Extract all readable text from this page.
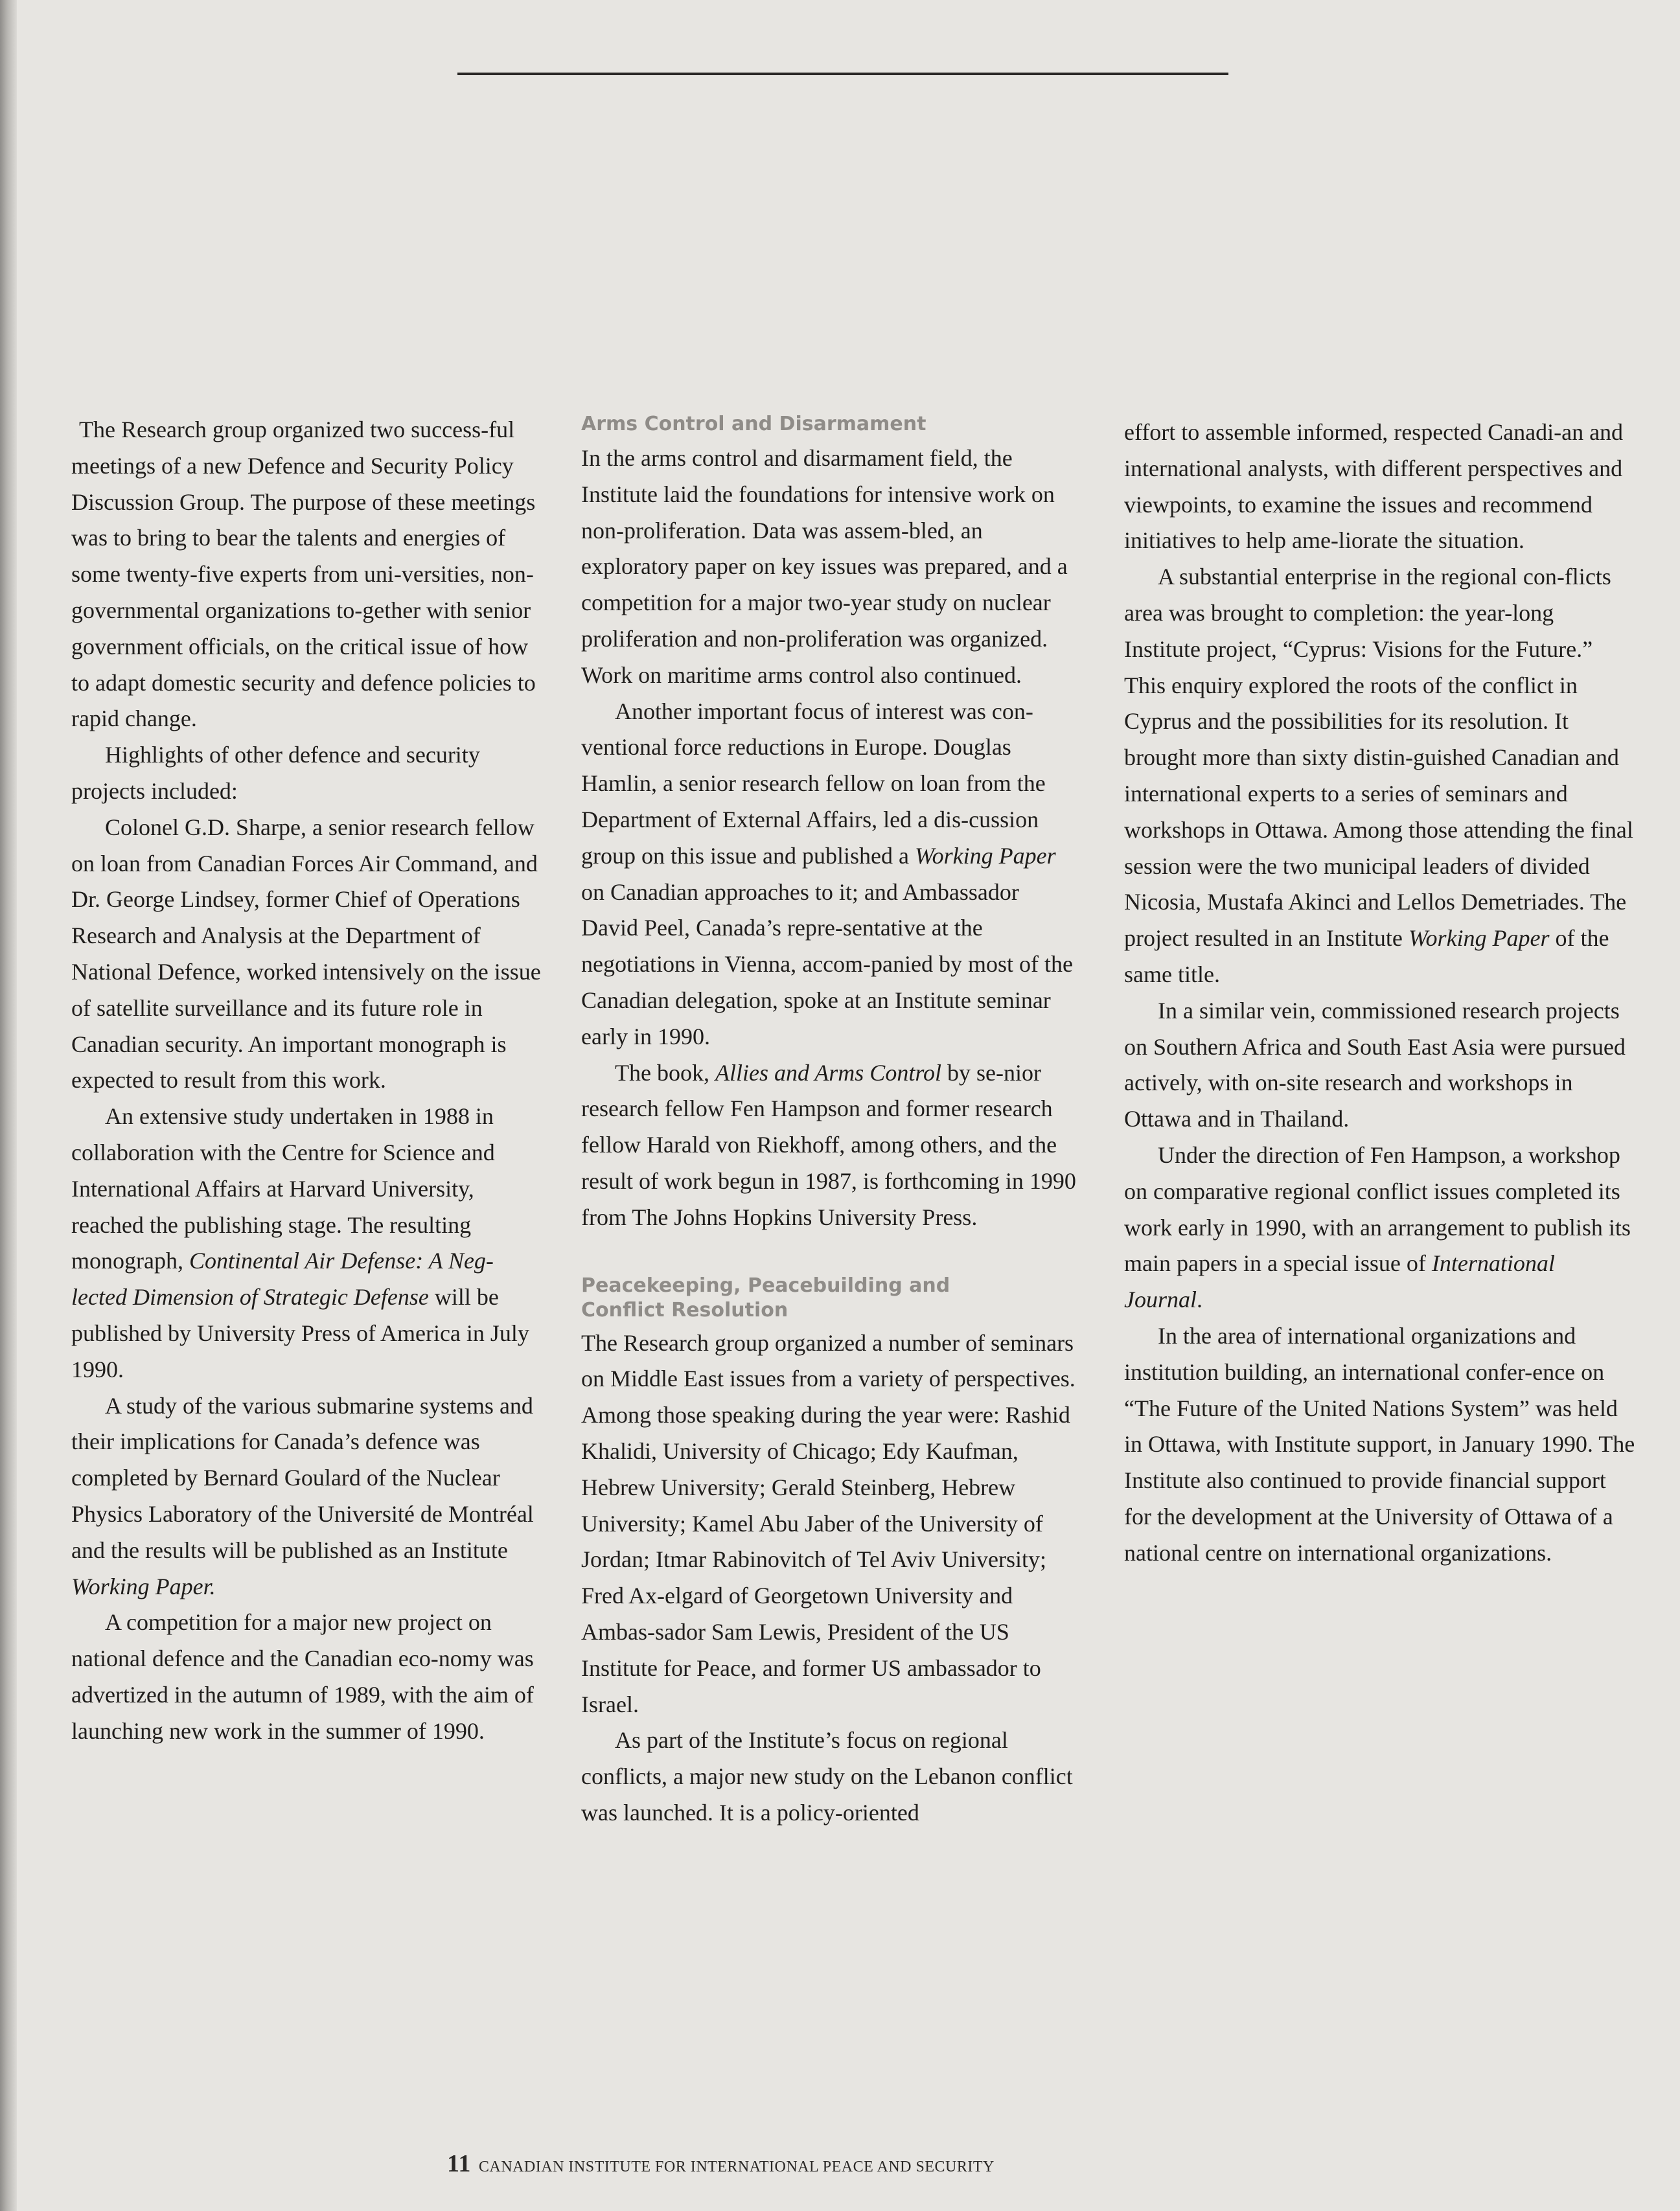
The Research group organized two success-ful meetings of a new Defence and Security Policy Discussion Group. The purpose of these meetings was to bring to bear the talents and energies of some twenty-five experts from uni-versities, non-governmental organizations to-gether with senior government officials, on the critical issue of how to adapt domestic security and defence policies to rapid change.

Highlights of other defence and security projects included:

Colonel G.D. Sharpe, a senior research fellow on loan from Canadian Forces Air Command, and Dr. George Lindsey, former Chief of Operations Research and Analysis at the Department of National Defence, worked intensively on the issue of satellite surveillance and its future role in Canadian security. An important monograph is expected to result from this work.

An extensive study undertaken in 1988 in collaboration with the Centre for Science and International Affairs at Harvard University, reached the publishing stage. The resulting monograph, Continental Air Defense: A Neg-lected Dimension of Strategic Defense will be published by University Press of America in July 1990.

A study of the various submarine systems and their implications for Canada’s defence was completed by Bernard Goulard of the Nuclear Physics Laboratory of the Université de Montréal and the results will be published as an Institute Working Paper.

A competition for a major new project on national defence and the Canadian eco-nomy was advertized in the autumn of 1989, with the aim of launching new work in the summer of 1990.

Arms Control and Disarmament

In the arms control and disarmament field, the Institute laid the foundations for intensive work on non-proliferation. Data was assem-bled, an exploratory paper on key issues was prepared, and a competition for a major two-year study on nuclear proliferation and non-proliferation was organized. Work on maritime arms control also continued.

Another important focus of interest was con-ventional force reductions in Europe. Douglas Hamlin, a senior research fellow on loan from the Department of External Affairs, led a dis-cussion group on this issue and published a Working Paper on Canadian approaches to it; and Ambassador David Peel, Canada’s repre-sentative at the negotiations in Vienna, accom-panied by most of the Canadian delegation, spoke at an Institute seminar early in 1990.

The book, Allies and Arms Control by se-nior research fellow Fen Hampson and former research fellow Harald von Riekhoff, among others, and the result of work begun in 1987, is forthcoming in 1990 from The Johns Hopkins University Press.

Peacekeeping, Peacebuilding and Conflict Resolution

The Research group organized a number of seminars on Middle East issues from a variety of perspectives. Among those speaking during the year were: Rashid Khalidi, University of Chicago; Edy Kaufman, Hebrew University; Gerald Steinberg, Hebrew University; Kamel Abu Jaber of the University of Jordan; Itmar Rabinovitch of Tel Aviv University; Fred Ax-elgard of Georgetown University and Ambas-sador Sam Lewis, President of the US Institute for Peace, and former US ambassador to Israel.

As part of the Institute’s focus on regional conflicts, a major new study on the Lebanon conflict was launched. It is a policy-oriented

effort to assemble informed, respected Canadi-an and international analysts, with different perspectives and viewpoints, to examine the issues and recommend initiatives to help ame-liorate the situation.

A substantial enterprise in the regional con-flicts area was brought to completion: the year-long Institute project, “Cyprus: Visions for the Future.” This enquiry explored the roots of the conflict in Cyprus and the possibilities for its resolution. It brought more than sixty distin-guished Canadian and international experts to a series of seminars and workshops in Ottawa. Among those attending the final session were the two municipal leaders of divided Nicosia, Mustafa Akinci and Lellos Demetriades. The project resulted in an Institute Working Paper of the same title.

In a similar vein, commissioned research projects on Southern Africa and South East Asia were pursued actively, with on-site research and workshops in Ottawa and in Thailand.

Under the direction of Fen Hampson, a workshop on comparative regional conflict issues completed its work early in 1990, with an arrangement to publish its main papers in a special issue of International Journal.

In the area of international organizations and institution building, an international confer-ence on “The Future of the United Nations System” was held in Ottawa, with Institute support, in January 1990. The Institute also continued to provide financial support for the development at the University of Ottawa of a national centre on international organizations.

11 CANADIAN INSTITUTE FOR INTERNATIONAL PEACE AND SECURITY
